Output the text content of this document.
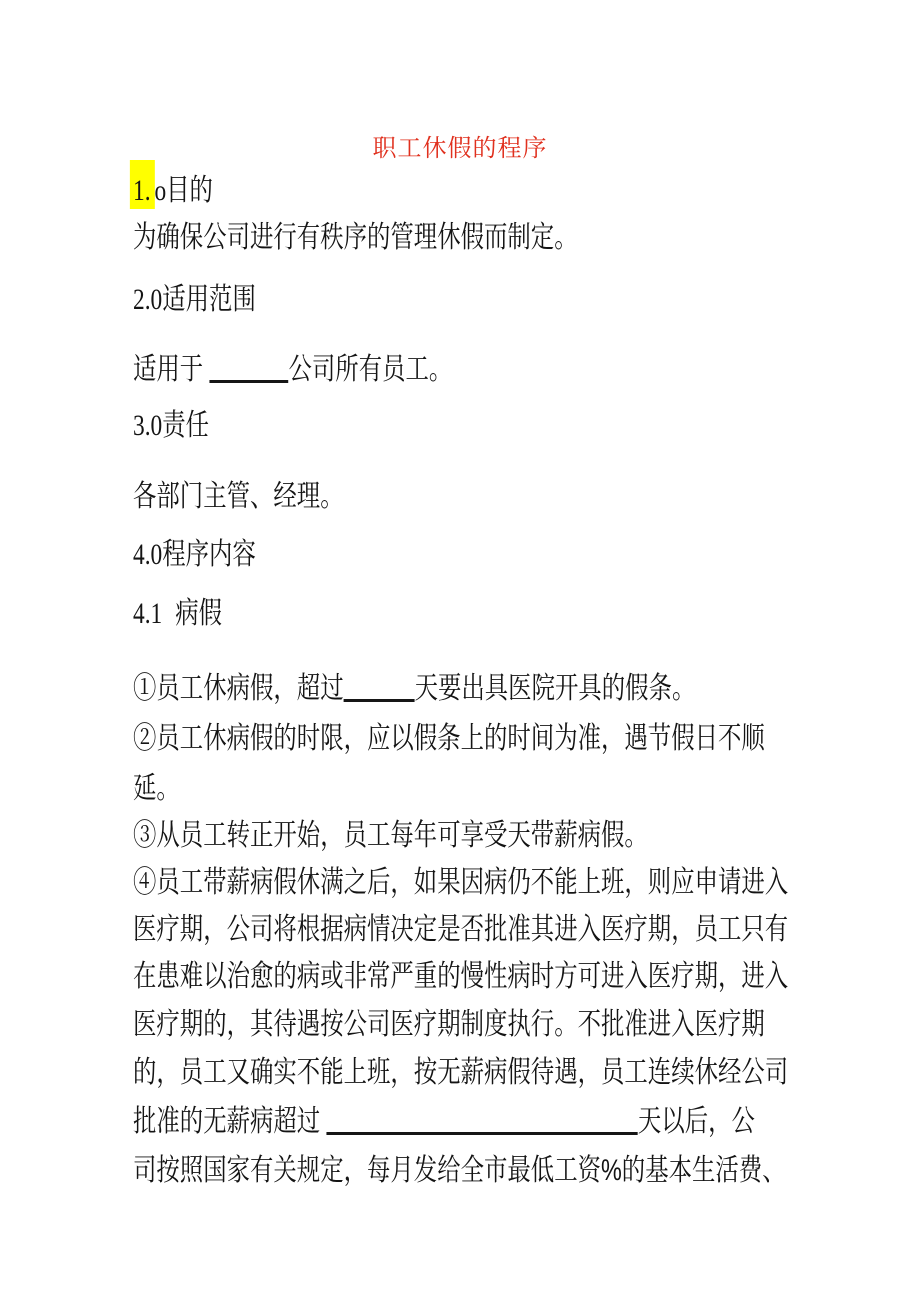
职工休假的程序
1. o目的
为确保公司进行有秩序的管理休假而制定。
2.0适用范围
适用于	公司所有员工。
3.0责任
各部门主管、经理。
4.0程序内容
4.1  病假
①员工休病假，超过 天要出具医院开具的假条。
②员工休病假的时限，应以假条上的时间为准，遇节假日不顺
延。
③从员工转正开始，员工每年可享受天带薪病假。
④员工带薪病假休满之后，如果因病仍不能上班，则应申请进入
医疗期，公司将根据病情决定是否批准其进入医疗期，员工只有
在患难以治愈的病或非常严重的慢性病时方可进入医疗期，进入
医疗期的，其待遇按公司医疗期制度执行。不批准进入医疗期
的，员工又确实不能上班，按无薪病假待遇，员工连续休经公司
批准的无薪病超过	天以后，公
司按照国家有关规定，每月发给全市最低工资%的基本生活费、
